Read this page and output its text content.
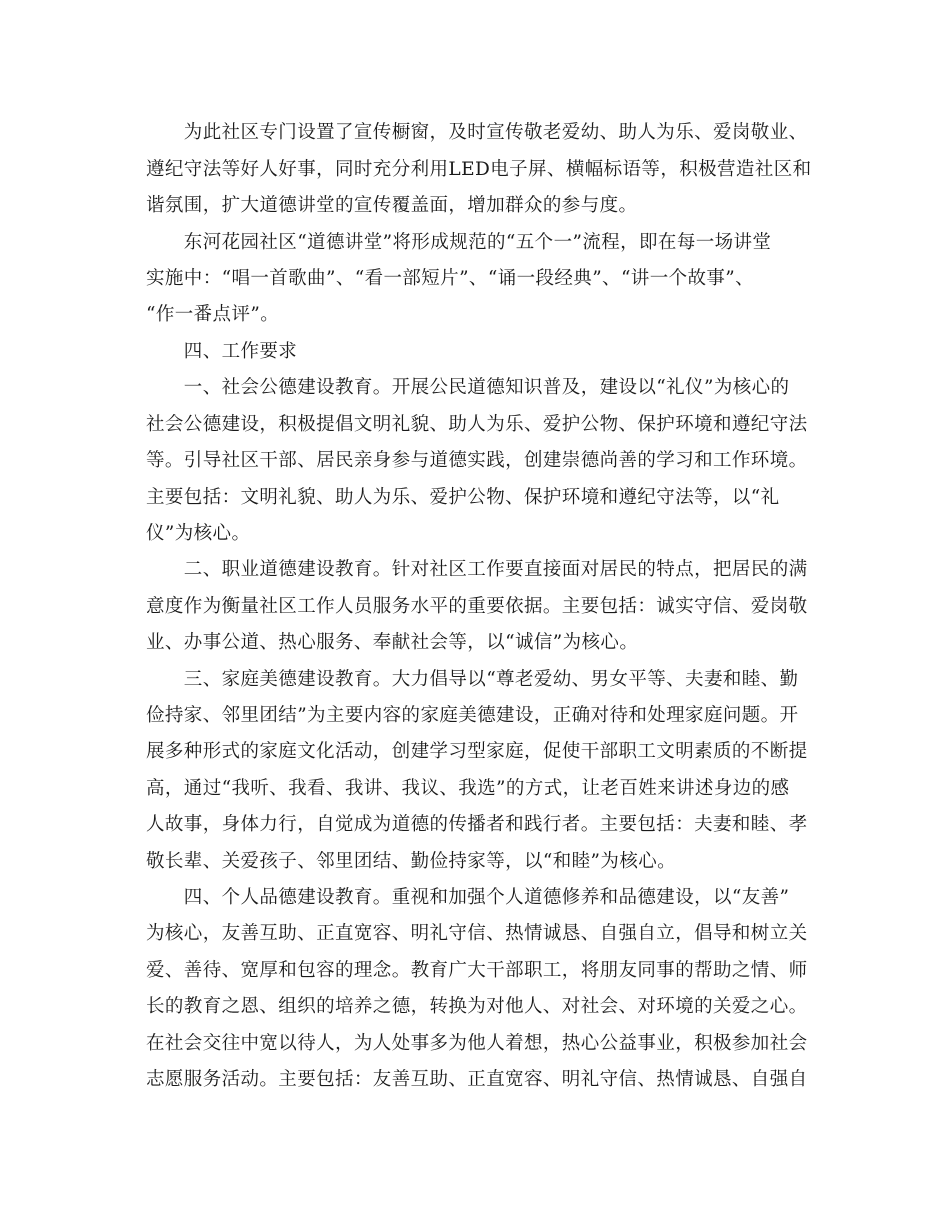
　　为此社区专门设置了宣传橱窗，及时宣传敬老爱幼、助人为乐、爱岗敬业、
遵纪守法等好人好事，同时充分利用LED电子屏、横幅标语等，积极营造社区和
谐氛围，扩大道德讲堂的宣传覆盖面，增加群众的参与度。
　　东河花园社区“道德讲堂”将形成规范的“五个一”流程，即在每一场讲堂
实施中：“唱一首歌曲”、“看一部短片”、“诵一段经典”、“讲一个故事”、
“作一番点评”。
　　四、工作要求
　　一、社会公德建设教育。开展公民道德知识普及，建设以“礼仪”为核心的
社会公德建设，积极提倡文明礼貌、助人为乐、爱护公物、保护环境和遵纪守法
等。引导社区干部、居民亲身参与道德实践，创建崇德尚善的学习和工作环境。
主要包括：文明礼貌、助人为乐、爱护公物、保护环境和遵纪守法等，以“礼
仪”为核心。
　　二、职业道德建设教育。针对社区工作要直接面对居民的特点，把居民的满
意度作为衡量社区工作人员服务水平的重要依据。主要包括：诚实守信、爱岗敬
业、办事公道、热心服务、奉献社会等，以“诚信”为核心。
　　三、家庭美德建设教育。大力倡导以“尊老爱幼、男女平等、夫妻和睦、勤
俭持家、邻里团结”为主要内容的家庭美德建设，正确对待和处理家庭问题。开
展多种形式的家庭文化活动，创建学习型家庭，促使干部职工文明素质的不断提
高，通过“我听、我看、我讲、我议、我选”的方式，让老百姓来讲述身边的感
人故事，身体力行，自觉成为道德的传播者和践行者。主要包括：夫妻和睦、孝
敬长辈、关爱孩子、邻里团结、勤俭持家等，以“和睦”为核心。
　　四、个人品德建设教育。重视和加强个人道德修养和品德建设，以“友善”
为核心，友善互助、正直宽容、明礼守信、热情诚恳、自强自立，倡导和树立关
爱、善待、宽厚和包容的理念。教育广大干部职工，将朋友同事的帮助之情、师
长的教育之恩、组织的培养之德，转换为对他人、对社会、对环境的关爱之心。
在社会交往中宽以待人，为人处事多为他人着想，热心公益事业，积极参加社会
志愿服务活动。主要包括：友善互助、正直宽容、明礼守信、热情诚恳、自强自
